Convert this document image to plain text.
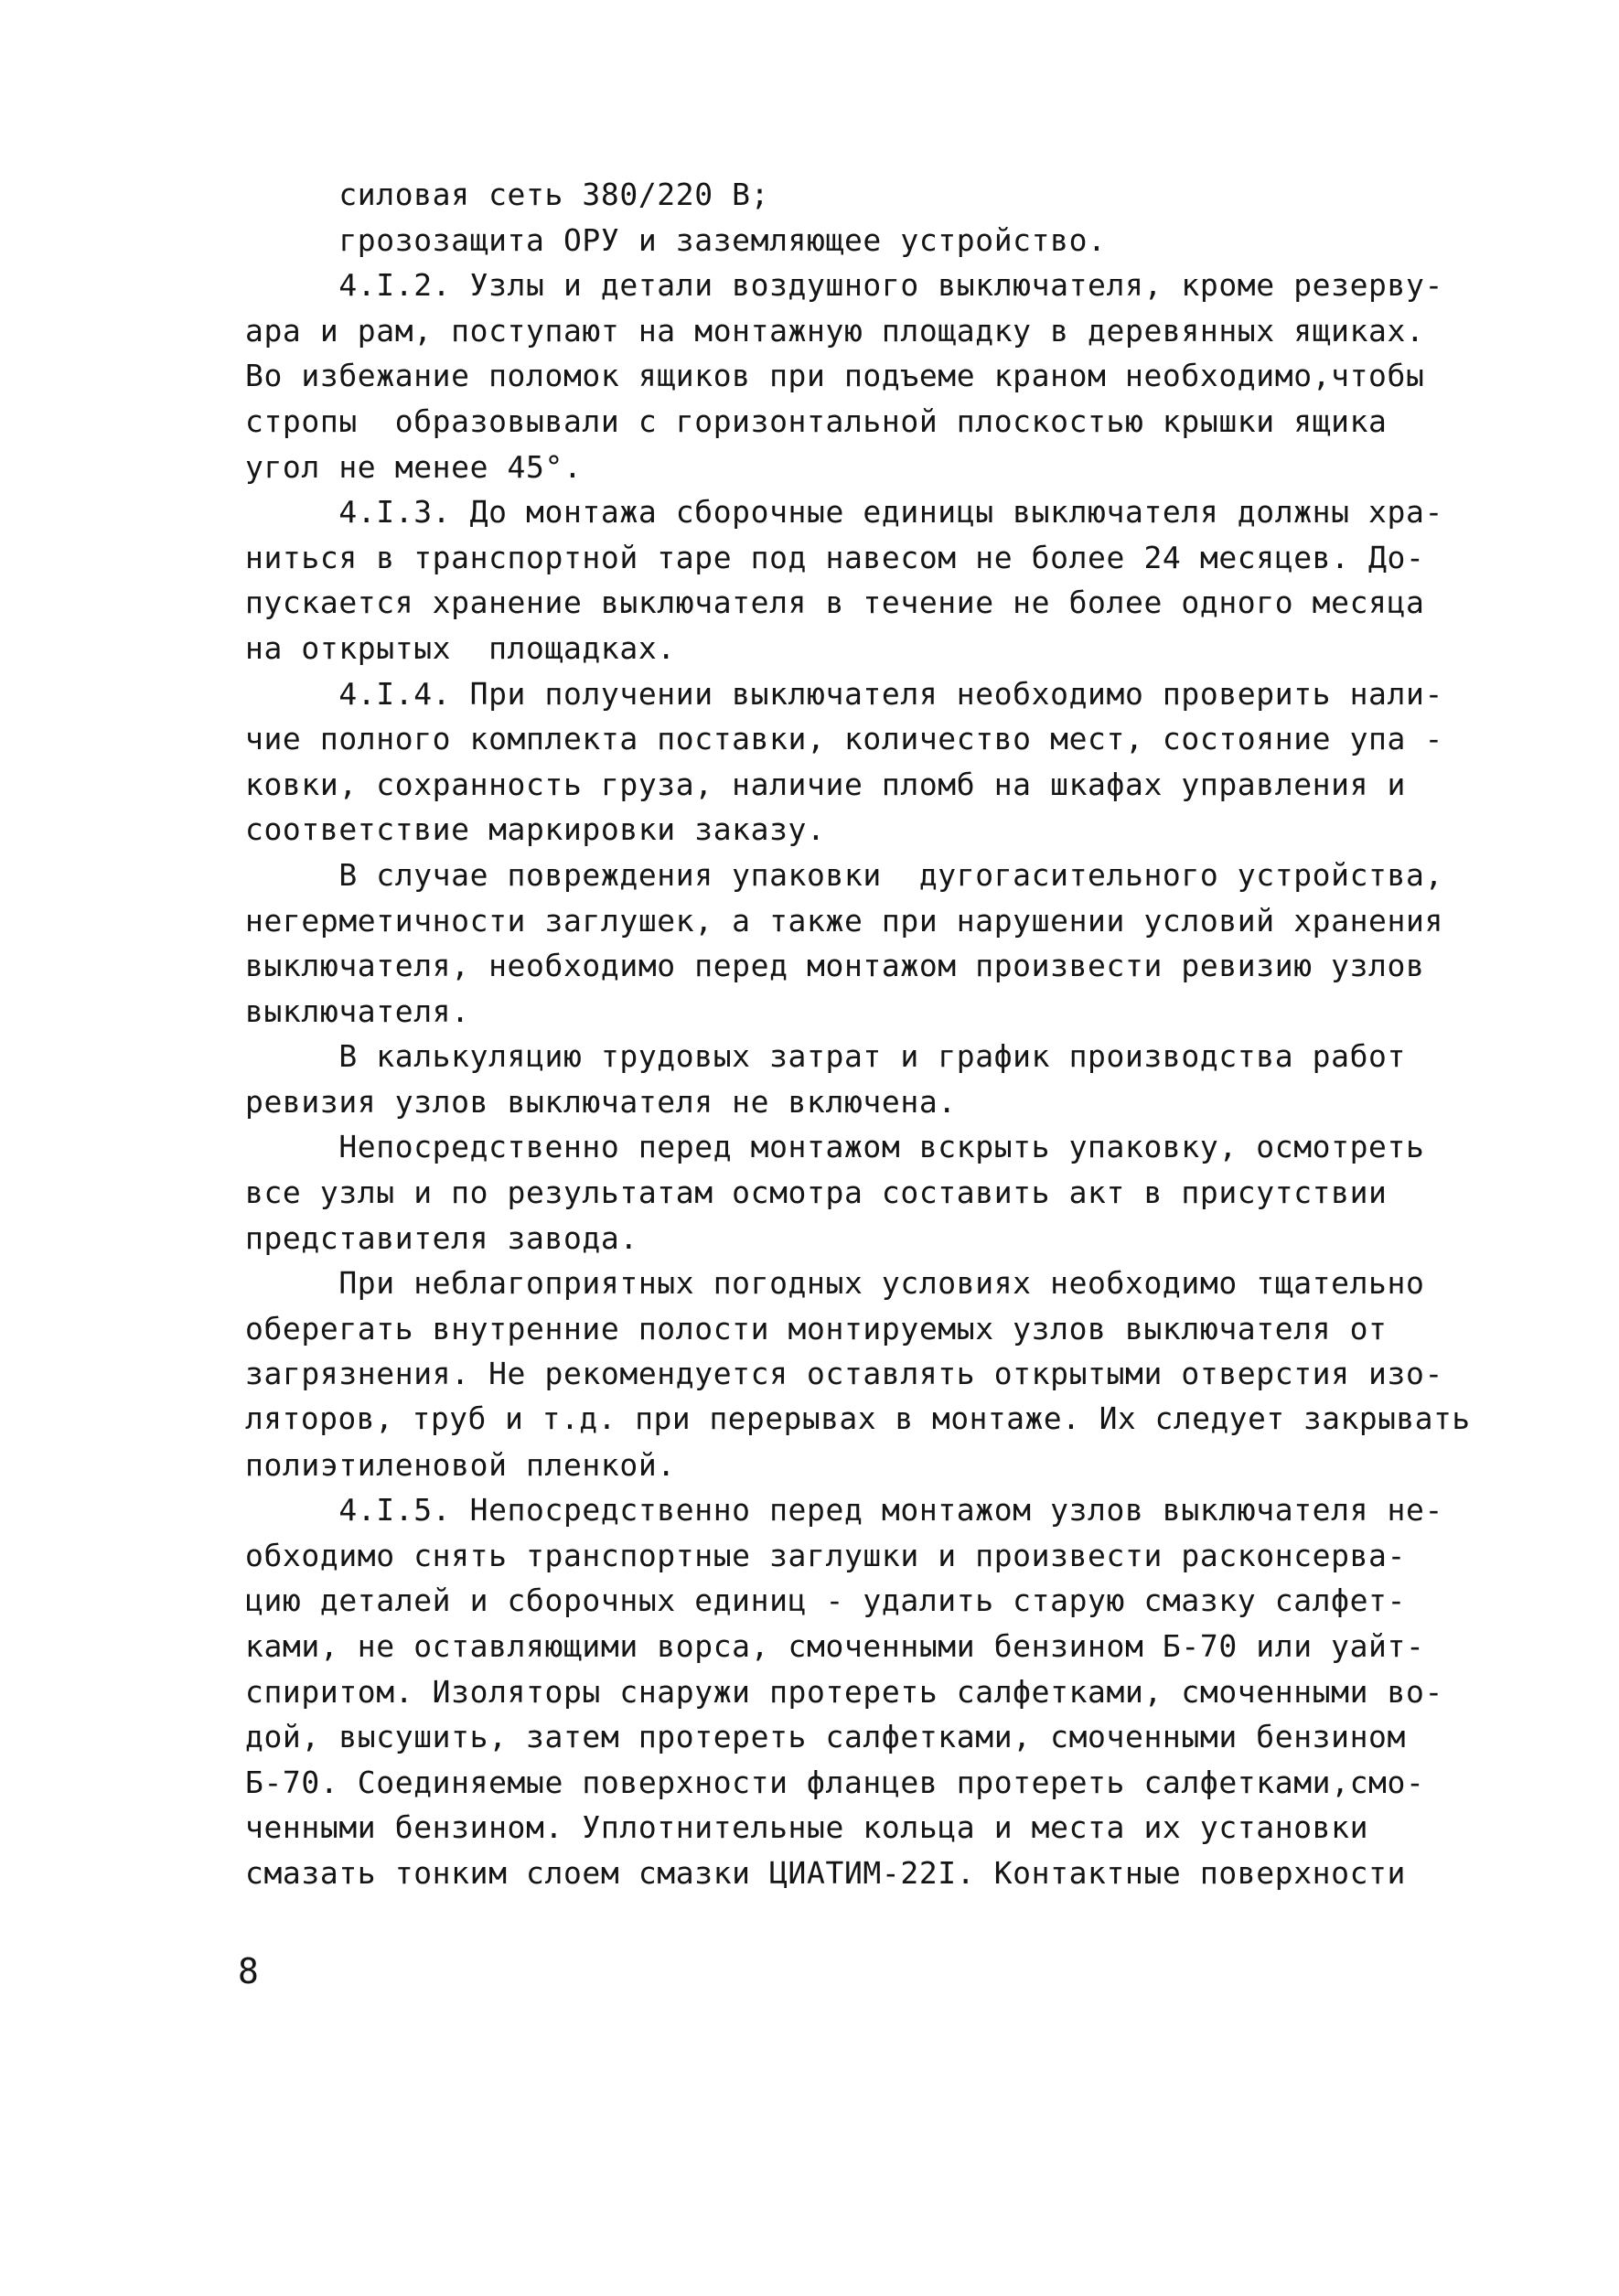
силовая сеть 380/220 В;
грозозащита ОРУ и заземляющее устройство.
4.I.2. Узлы и детали воздушного выключателя, кроме резерву-
ара и рам, поступают на монтажную площадку в деревянных ящиках.
Во избежание поломок ящиков при подъеме краном необходимо,чтобы
стропы  образовывали с горизонтальной плоскостью крышки ящика
угол не менее 45°.
4.I.3. До монтажа сборочные единицы выключателя должны хра-
ниться в транспортной таре под навесом не более 24 месяцев. До-
пускается хранение выключателя в течение не более одного месяца
на открытых  площадках.
4.I.4. При получении выключателя необходимо проверить нали-
чие полного комплекта поставки, количество мест, состояние упа -
ковки, сохранность груза, наличие пломб на шкафах управления и
соответствие маркировки заказу.
В случае повреждения упаковки  дугогасительного устройства,
негерметичности заглушек, а также при нарушении условий хранения
выключателя, необходимо перед монтажом произвести ревизию узлов
выключателя.
В калькуляцию трудовых затрат и график производства работ
ревизия узлов выключателя не включена.
Непосредственно перед монтажом вскрыть упаковку, осмотреть
все узлы и по результатам осмотра составить акт в присутствии
представителя завода.
При неблагоприятных погодных условиях необходимо тщательно
оберегать внутренние полости монтируемых узлов выключателя от
загрязнения. Не рекомендуется оставлять открытыми отверстия изо-
ляторов, труб и т.д. при перерывах в монтаже. Их следует закрывать
полиэтиленовой пленкой.
4.I.5. Непосредственно перед монтажом узлов выключателя не-
обходимо снять транспортные заглушки и произвести расконсерва-
цию деталей и сборочных единиц - удалить старую смазку салфет-
ками, не оставляющими ворса, смоченными бензином Б-70 или уайт-
спиритом. Изоляторы снаружи протереть салфетками, смоченными во-
дой, высушить, затем протереть салфетками, смоченными бензином
Б-70. Соединяемые поверхности фланцев протереть салфетками,смо-
ченными бензином. Уплотнительные кольца и места их установки
смазать тонким слоем смазки ЦИАТИМ-22I. Контактные поверхности
8
